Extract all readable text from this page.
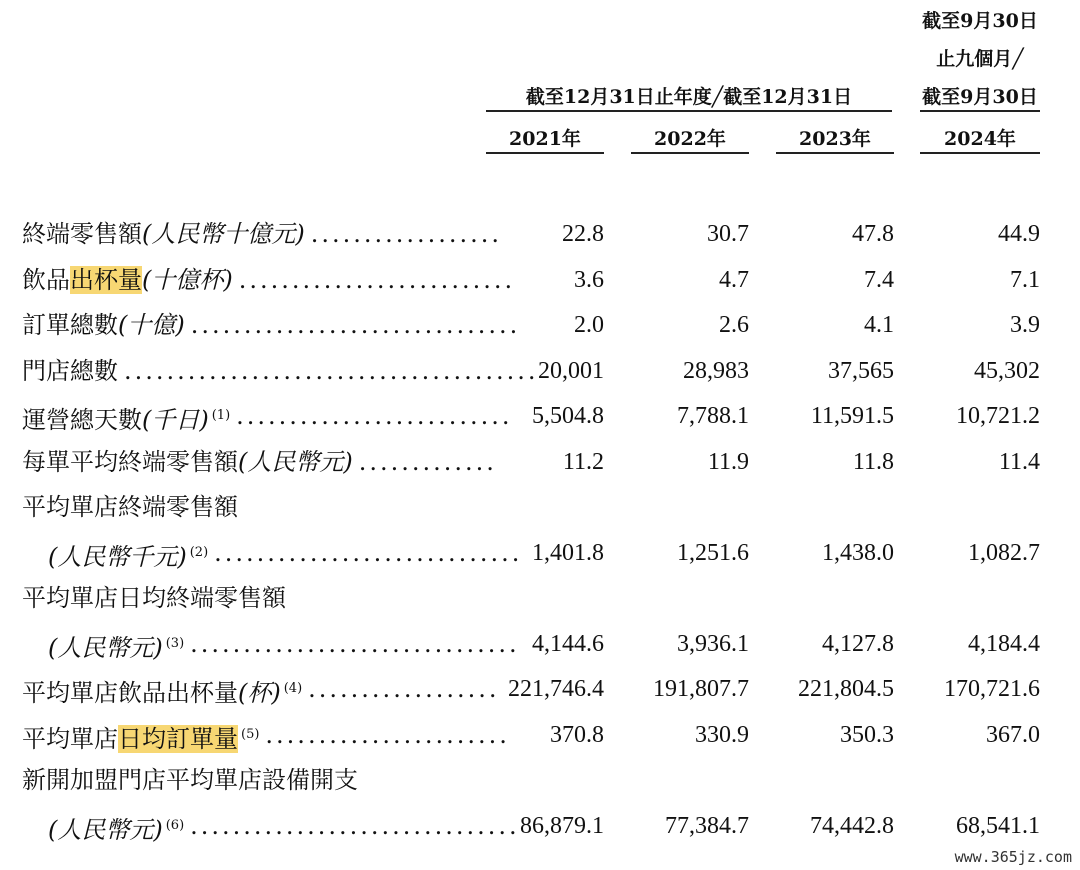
截至9月30日
止九個月╱
截至9月30日
截至12月31日止年度╱截至12月31日
2021年	2022年	2023年	2024年
終端零售額(人民幣十億元) ..................	22.8	30.7	47.8	44.9
飲品出杯量(十億杯) ..........................	3.6	4.7	7.4	7.1
訂單總數(十億) ...............................	2.0	2.6	4.1	3.9
門店總數 ....................................... 20,001	28,983	37,565	45,302
運營總天數(千日) $^{(1)}$ .......................... 5,504.8	7,788.1	11,591.5	10,721.2
每單平均終端零售額(人民幣元) .............	11.2	11.9	11.8	11.4
平均單店終端零售額
(人民幣千元) $^{(2)}$ ............................. 1,401.8	1,251.6	1,438.0	1,082.7
平均單店日均終端零售額
(人民幣元) $^{(3)}$ ............................... 4,144.6	3,936.1	4,127.8	4,184.4
平均單店飲品出杯量(杯) $^{(4)}$ .................. 221,746.4	191,807.7	221,804.5	170,721.6
平均單店日均訂單量 $^{(5)}$ .......................	370.8	330.9	350.3	367.0
新開加盟門店平均單店設備開支
(人民幣元) $^{(6)}$ ............................... 86,879.1	77,384.7	74,442.8	68,541.1
www.365jz.com
